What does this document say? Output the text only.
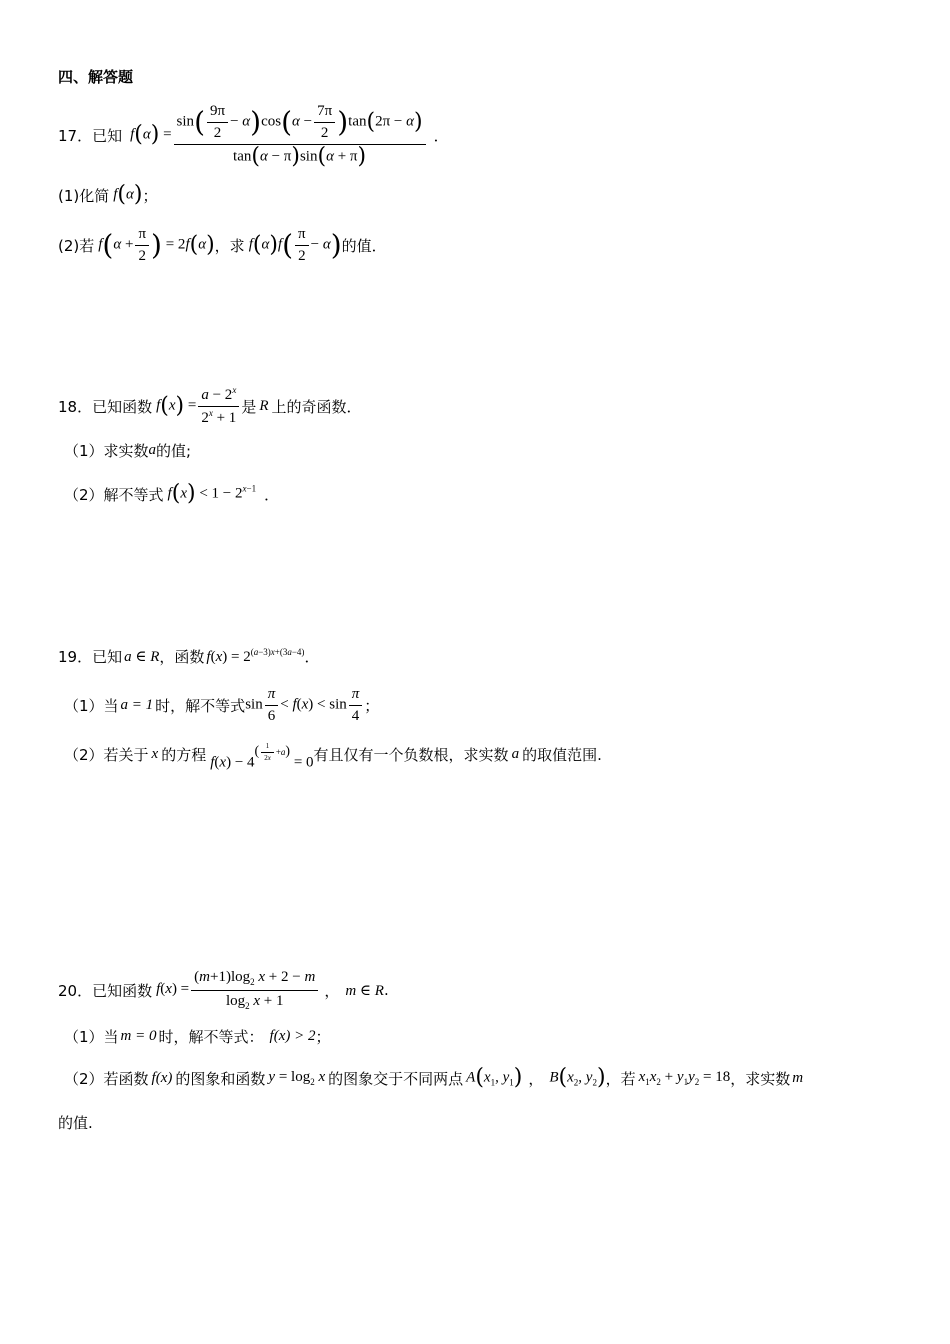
四、解答题
17．已知 $f(\alpha) = \frac{\sin( \frac{9\pi}{2} - \alpha)\cos(\alpha - \frac{7\pi}{2} )\tan(2\pi - \alpha)}{\tan(\alpha - \pi)\sin(\alpha + \pi)}$ ．
(1)化简 f(α) ；
(2)若 $f(\alpha + \frac{\pi}{2}$ ) = 2f(α) ，求 $f(\alpha)f( \frac{\pi}{2} - \alpha)$ 的值．
18．已知函数 $f(x) = \frac{a - 2^x}{2^x + 1}$ 是 R 上的奇函数．
（1）求实数 a 的值;
（2）解不等式 $f(x) < 1 - 2^{x-1}$ ．
19．已知 a ∈ R ，函数 $f(x) = 2^{(a-3)x+(3a-4)}$ ．
（1）当 a = 1 时，解不等式 $\sin \frac{\pi}{6} < f(x) < \sin \frac{\pi}{4}$ ；
（2）若关于 x 的方程 $f(x) - 4^{( \frac{1}{2x} +a)} = 0$ 有且仅有一个负数根，求实数 a 的取值范围.
20．已知函数 $f(x) = \frac{(m+1)\log_2 x + 2 - m}{\log_2 x + 1}$ ， m ∈ R .
（1）当 m = 0 时，解不等式： f(x) > 2 ；
（2）若函数 f(x) 的图象和函数 $y = \log_2 x$ 的图象交于不同两点 $A(x_1$, $y_1$) ， $B(x_2$, $y_2$) ，若 $x_1x_2 + y_1y_2 = 18$ ，求实数 m
的值.
